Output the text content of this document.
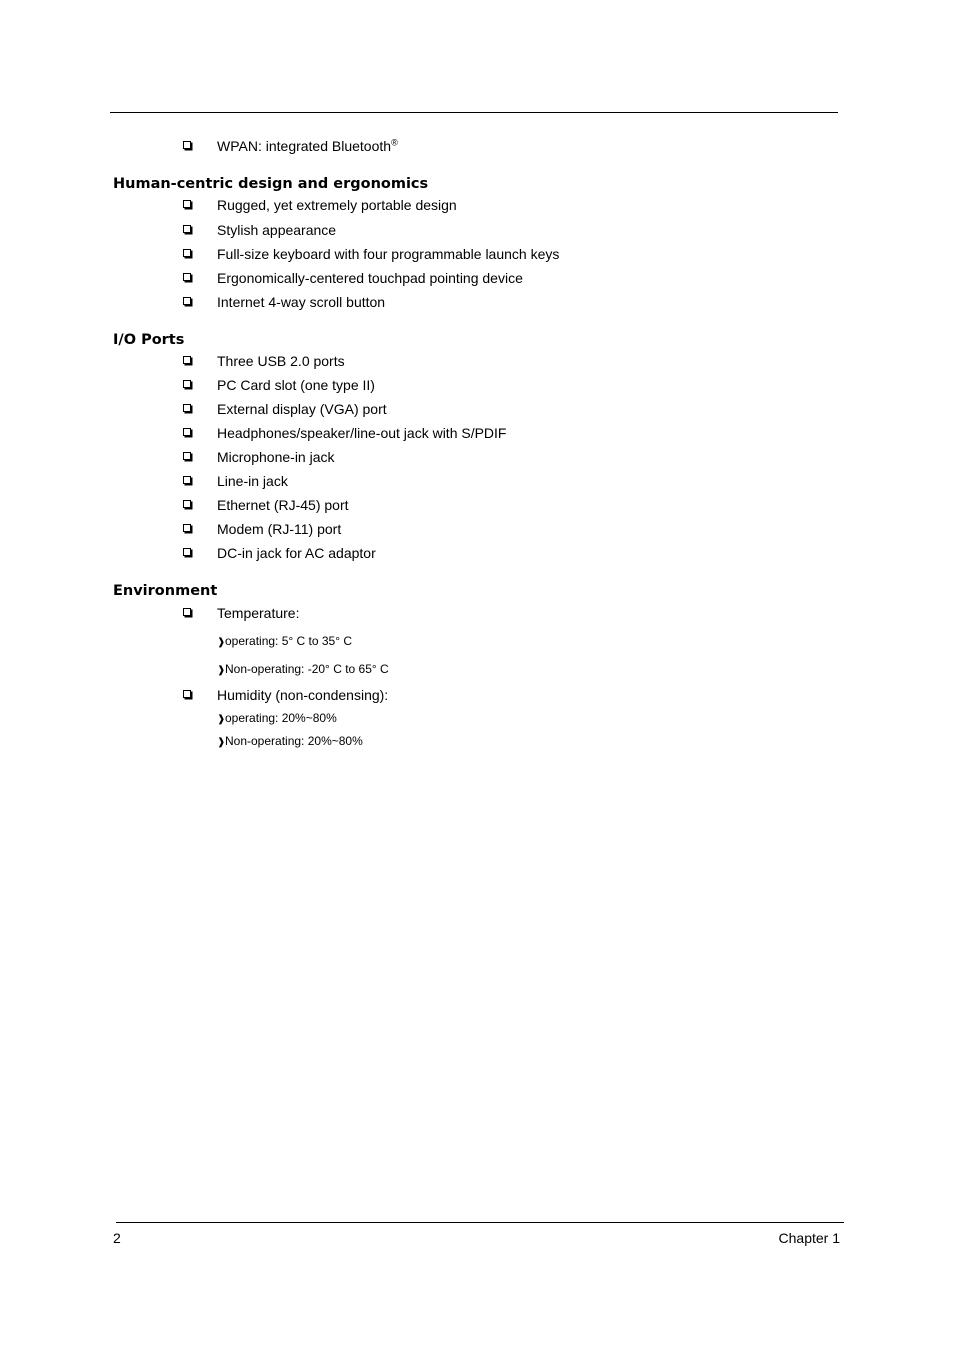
WPAN: integrated Bluetooth®
Human-centric design and ergonomics
Rugged, yet extremely portable design
Stylish appearance
Full-size keyboard with four programmable launch keys
Ergonomically-centered touchpad pointing device
Internet 4-way scroll button
I/O Ports
Three USB 2.0 ports
PC Card slot (one type II)
External display (VGA) port
Headphones/speaker/line-out jack with S/PDIF
Microphone-in jack
Line-in jack
Ethernet (RJ-45) port
Modem (RJ-11) port
DC-in jack for AC adaptor
Environment
Temperature:
❱operating: 5° C to 35° C
❱Non-operating: -20° C to 65° C
Humidity (non-condensing):
❱operating: 20%~80%
❱Non-operating: 20%~80%
2	Chapter 1
